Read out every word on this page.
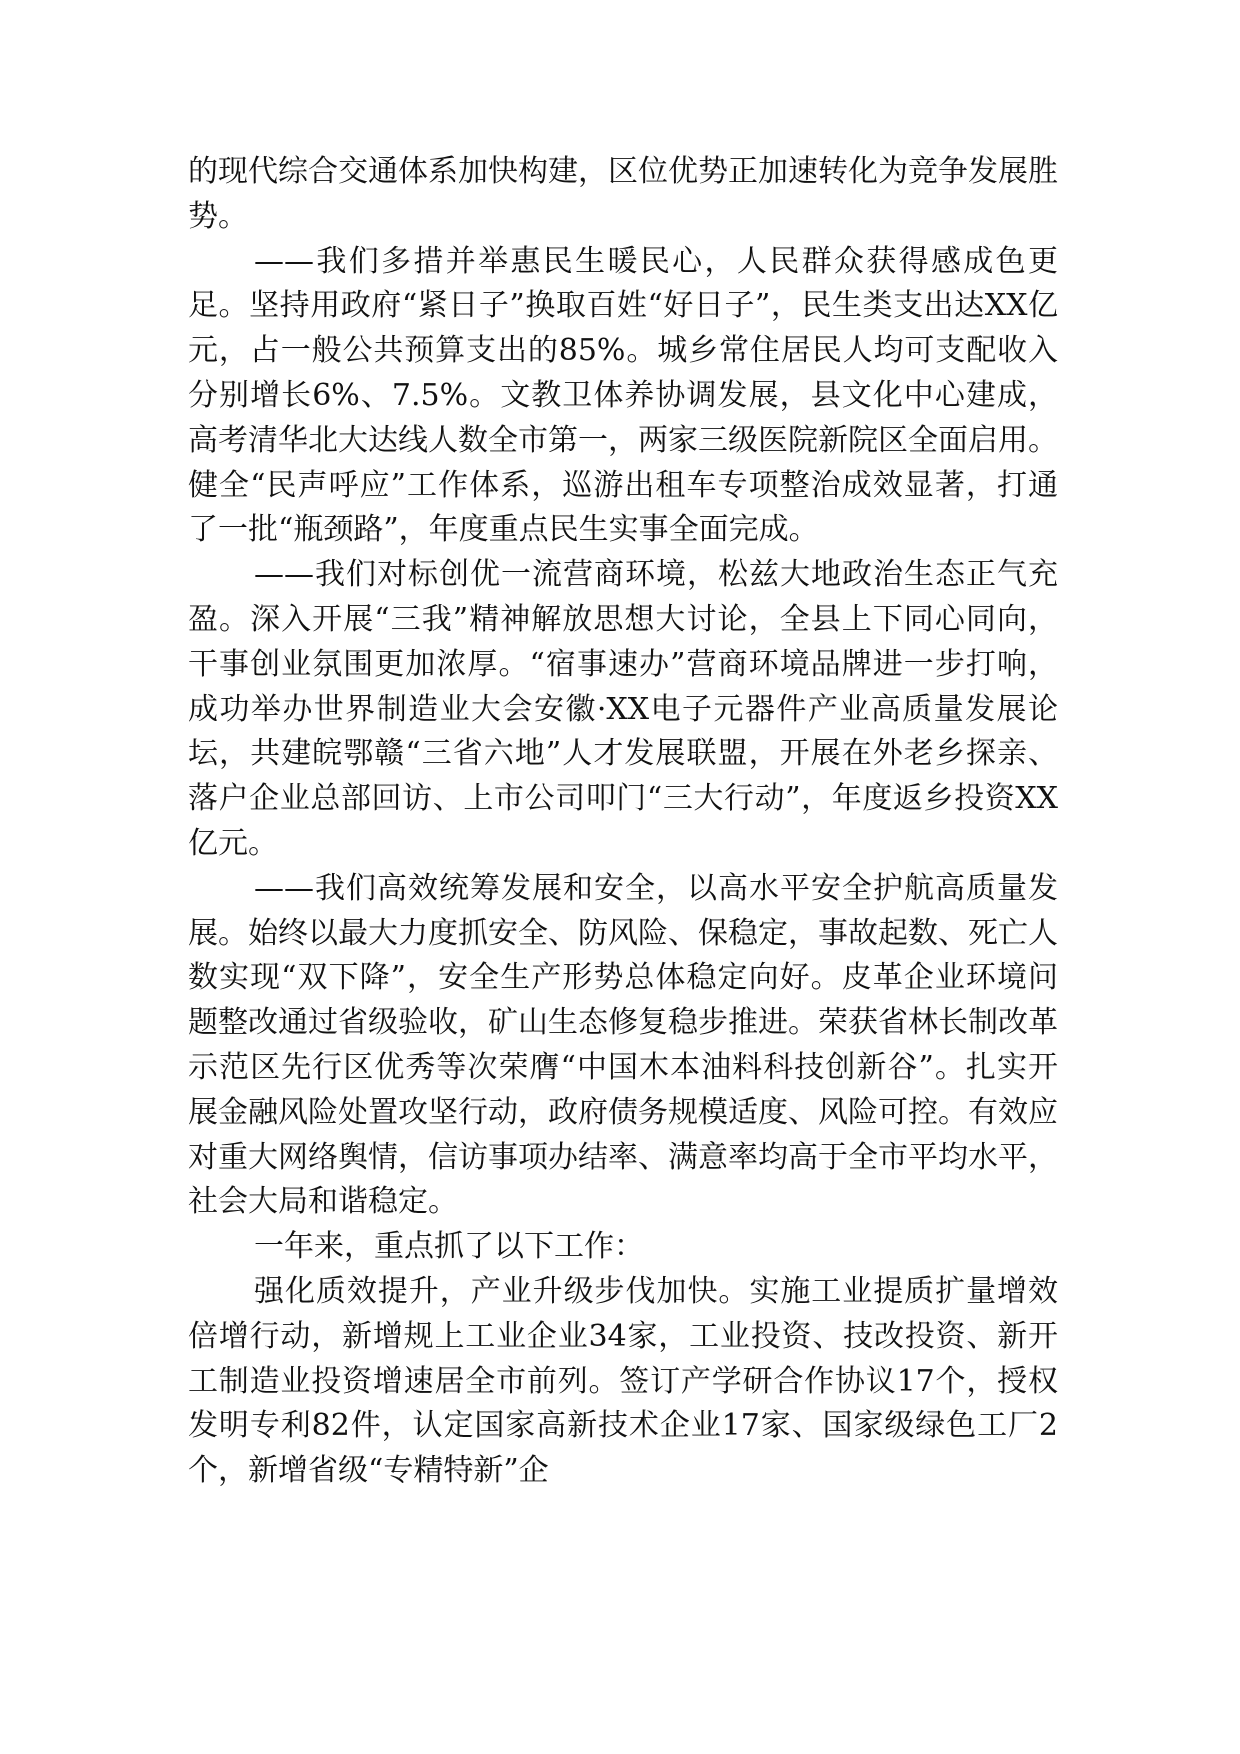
的现代综合交通体系加快构建，区位优势正加速转化为竞争发展胜势。

——我们多措并举惠民生暖民心，人民群众获得感成色更足。坚持用政府“紧日子”换取百姓“好日子”，民生类支出达XX亿元，占一般公共预算支出的85%。城乡常住居民人均可支配收入分别增长6%、7.5%。文教卫体养协调发展，县文化中心建成，高考清华北大达线人数全市第一，两家三级医院新院区全面启用。健全“民声呼应”工作体系，巡游出租车专项整治成效显著，打通了一批“瓶颈路”，年度重点民生实事全面完成。

——我们对标创优一流营商环境，松兹大地政治生态正气充盈。深入开展“三我”精神解放思想大讨论，全县上下同心同向，干事创业氛围更加浓厚。“宿事速办”营商环境品牌进一步打响，成功举办世界制造业大会安徽·XX电子元器件产业高质量发展论坛，共建皖鄂赣“三省六地”人才发展联盟，开展在外老乡探亲、落户企业总部回访、上市公司叩门“三大行动”，年度返乡投资XX亿元。

——我们高效统筹发展和安全，以高水平安全护航高质量发展。始终以最大力度抓安全、防风险、保稳定，事故起数、死亡人数实现“双下降”，安全生产形势总体稳定向好。皮革企业环境问题整改通过省级验收，矿山生态修复稳步推进。荣获省林长制改革示范区先行区优秀等次荣膺“中国木本油料科技创新谷”。扎实开展金融风险处置攻坚行动，政府债务规模适度、风险可控。有效应对重大网络舆情，信访事项办结率、满意率均高于全市平均水平，社会大局和谐稳定。

一年来，重点抓了以下工作：

强化质效提升，产业升级步伐加快。实施工业提质扩量增效倍增行动，新增规上工业企业34家，工业投资、技改投资、新开工制造业投资增速居全市前列。签订产学研合作协议17个，授权发明专利82件，认定国家高新技术企业17家、国家级绿色工厂2个，新增省级“专精特新”企
